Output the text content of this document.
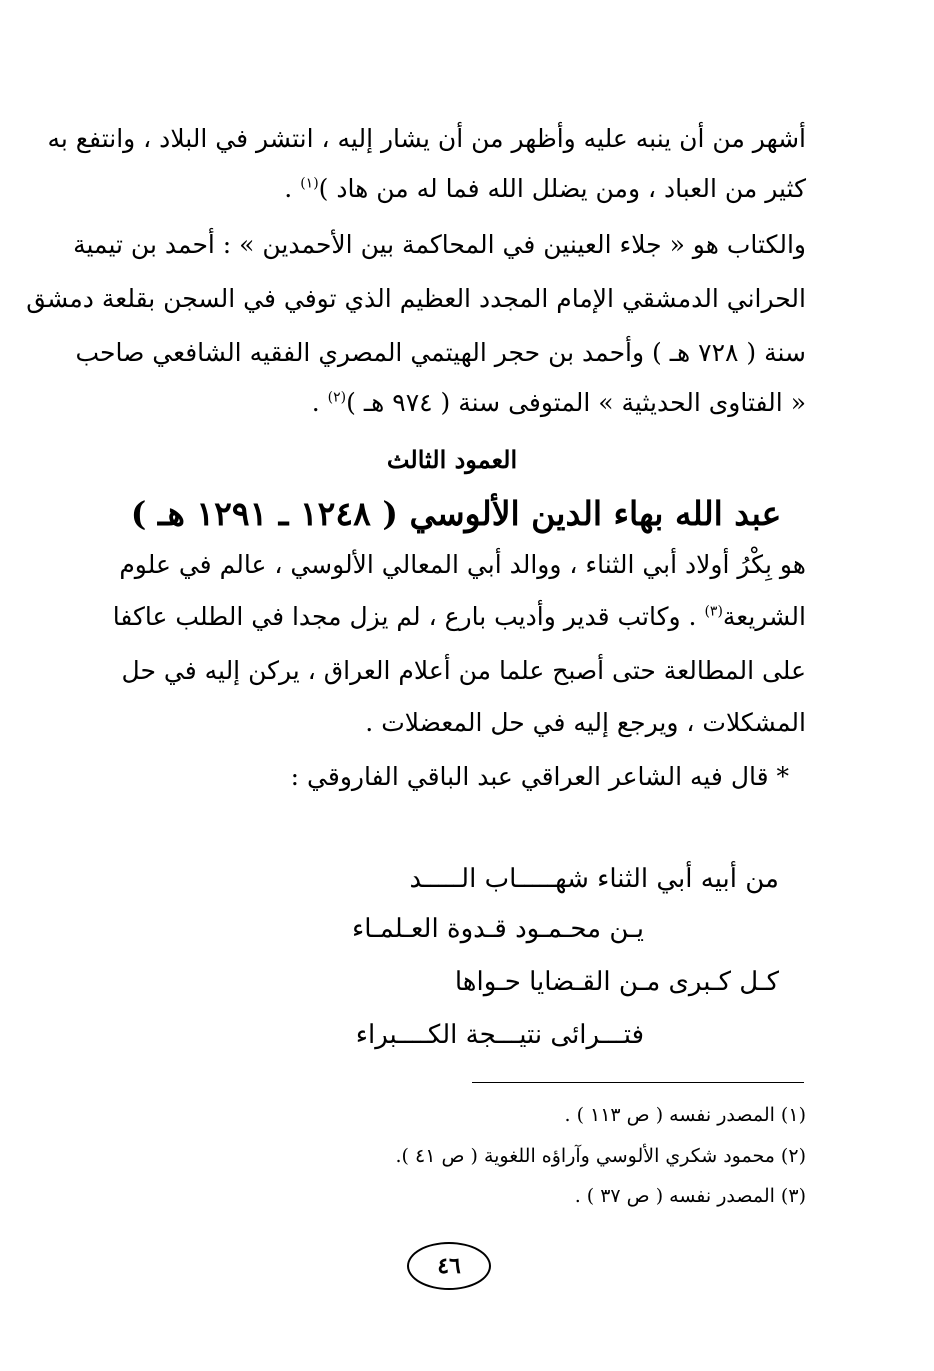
أشهر من أن ينبه عليه وأظهر من أن يشار إليه ، انتشر في البلاد ، وانتفع به
كثير من العباد ، ومن يضلل الله فما له من هاد )$^{(١)}$ .
والكتاب هو « جلاء العينين في المحاكمة بين الأحمدين » : أحمد بن تيمية
الحراني الدمشقي الإمام المجدد العظيم الذي توفي في السجن بقلعة دمشق
سنة ( ٧٢٨ هـ ) وأحمد بن حجر الهيتمي المصري الفقيه الشافعي صاحب
« الفتاوى الحديثية » المتوفى سنة ( ٩٧٤ هـ )$^{(٢)}$ .
العمود الثالث
عبد الله بهاء الدين الألوسي ( ١٢٤٨ ـ ١٢٩١ هـ )
هو بِكْرُ أولاد أبي الثناء ، ووالد أبي المعالي الألوسي ، عالم في علوم
الشريعة$^{(٣)}$ . وكاتب قدير وأديب بارع ، لم يزل مجدا في الطلب عاكفا
على المطالعة حتى أصبح علما من أعلام العراق ، يركن إليه في حل
المشكلات ، ويرجع إليه في حل المعضلات .
* قال فيه الشاعر العراقي عبد الباقي الفاروقي :
من أبيه أبي الثناء شهـــــاب الـــــد
يـن محـمـود قـدوة العـلمـاء
كـل كـبرى مـن القـضايا حـواها
فتـــرائى نتيـــجة الكــــبراء
(١) المصدر نفسه ( ص ١١٣ ) .
(٢) محمود شكري الألوسي وآراؤه اللغوية ( ص ٤١ ).
(٣) المصدر نفسه ( ص ٣٧ ) .
٤٦
